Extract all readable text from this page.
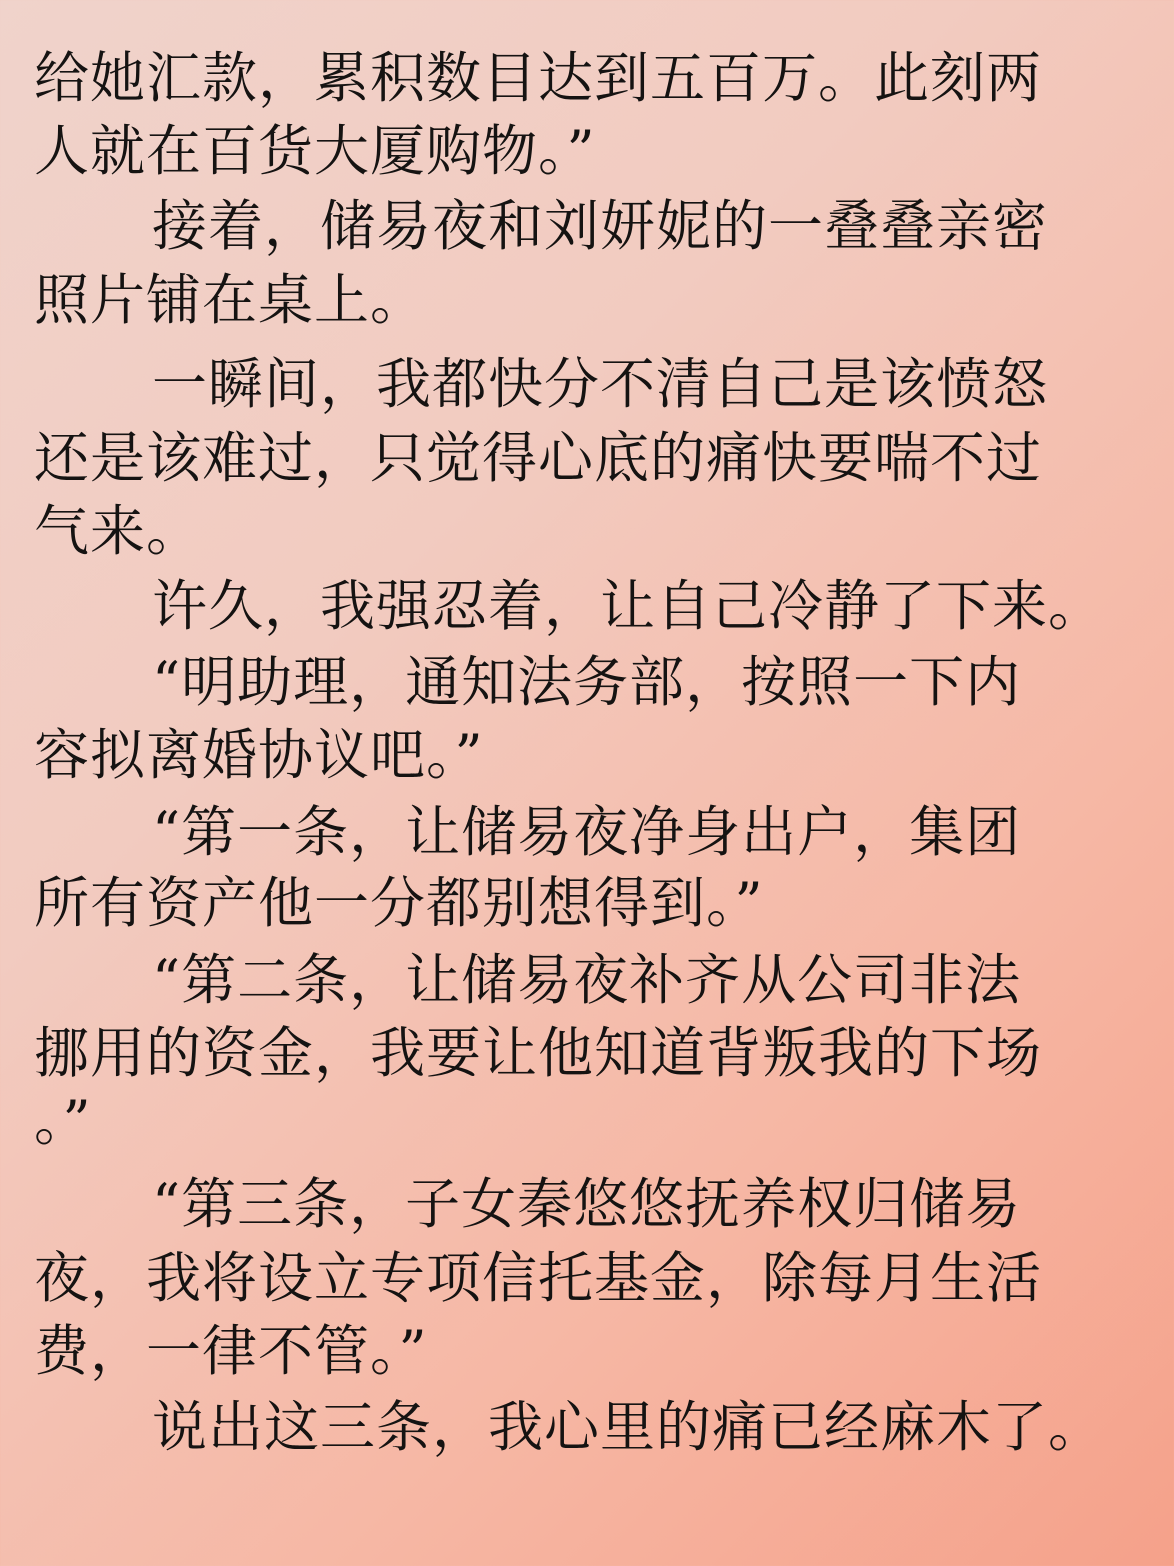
给她汇款，累积数目达到五百万。此刻两
人就在百货大厦购物。”
接着，储易夜和刘妍妮的一叠叠亲密
照片铺在桌上。
一瞬间，我都快分不清自己是该愤怒
还是该难过，只觉得心底的痛快要喘不过
气来。
许久，我强忍着，让自己冷静了下来。
“明助理，通知法务部，按照一下内
容拟离婚协议吧。”
“第一条，让储易夜净身出户，集团
所有资产他一分都别想得到。”
“第二条，让储易夜补齐从公司非法
挪用的资金，我要让他知道背叛我的下场
。”
“第三条，子女秦悠悠抚养权归储易
夜，我将设立专项信托基金，除每月生活
费，一律不管。”
说出这三条，我心里的痛已经麻木了。
